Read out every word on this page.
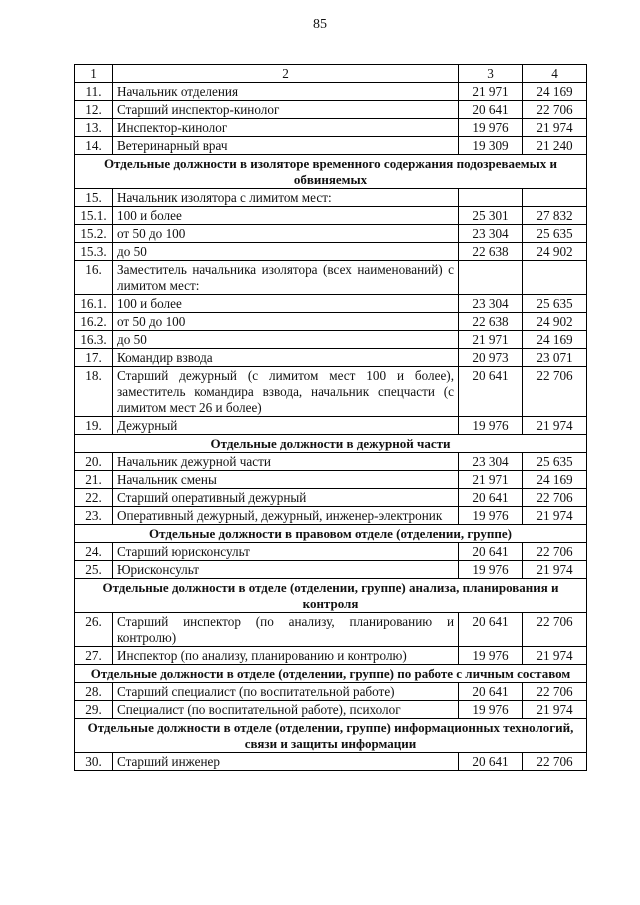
85
1	2	3	4
11.	Начальник отделения	21 971	24 169
12.	Старший инспектор-кинолог	20 641	22 706
13.	Инспектор-кинолог	19 976	21 974
14.	Ветеринарный врач	19 309	21 240
Отдельные должности в изоляторе временного содержания подозреваемых и обвиняемых			
15.	Начальник изолятора с лимитом мест:		
15.1.	100 и более	25 301	27 832
15.2.	от 50 до 100	23 304	25 635
15.3.	до 50	22 638	24 902
16.	Заместитель начальника изолятора (всех наименований) с лимитом мест:		
16.1.	100 и более	23 304	25 635
16.2.	от 50 до 100	22 638	24 902
16.3.	до 50	21 971	24 169
17.	Командир взвода	20 973	23 071
18.	Старший дежурный (с лимитом мест 100 и более), заместитель командира взвода, начальник спецчасти (с лимитом мест 26 и более)	20 641	22 706
19.	Дежурный	19 976	21 974
Отдельные должности в дежурной части			
20.	Начальник дежурной части	23 304	25 635
21.	Начальник смены	21 971	24 169
22.	Старший оперативный дежурный	20 641	22 706
23.	Оперативный дежурный, дежурный, инженер-электроник	19 976	21 974
Отдельные должности в правовом отделе (отделении, группе)			
24.	Старший юрисконсульт	20 641	22 706
25.	Юрисконсульт	19 976	21 974
Отдельные должности в отделе (отделении, группе) анализа, планирования и контроля			
26.	Старший инспектор (по анализу, планированию и контролю)	20 641	22 706
27.	Инспектор (по анализу, планированию и контролю)	19 976	21 974
Отдельные должности в отделе (отделении, группе) по работе с личным составом			
28.	Старший специалист (по воспитательной работе)	20 641	22 706
29.	Специалист (по воспитательной работе), психолог	19 976	21 974
Отдельные должности в отделе (отделении, группе) информационных технологий, связи и защиты информации			
30.	Старший инженер	20 641	22 706
